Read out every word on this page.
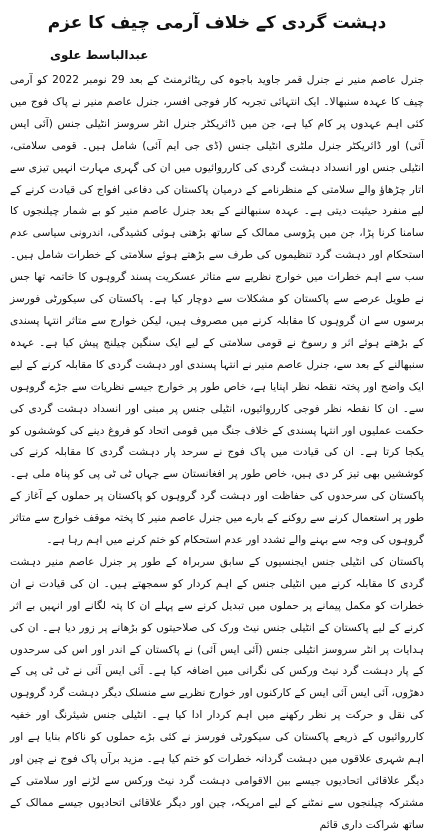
دہشت گردی کے خلاف آرمی چیف کا عزم
عبدالباسط علوی

جنرل عاصم منیر نے جنرل قمر جاوید باجوہ کی ریٹائرمنٹ کے بعد 29 نومبر 2022 کو آرمی چیف کا عہدہ سنبھالا۔ ایک انتہائی تجربہ کار فوجی افسر، جنرل عاصم منیر نے پاک فوج میں کئی اہم عہدوں پر کام کیا ہے، جن میں ڈائریکٹر جنرل انٹر سروسز انٹیلی جنس (آئی ایس آئی) اور ڈائریکٹر جنرل ملٹری انٹیلی جنس (ڈی جی ایم آئی) شامل ہیں۔ قومی سلامتی، انٹیلی جنس اور انسداد دہشت گردی کی کارروائیوں میں ان کی گہری مہارت انہیں تیزی سے اتار چڑھاؤ والے سلامتی کے منظرنامے کے درمیان پاکستان کی دفاعی افواج کی قیادت کرنے کے لیے منفرد حیثیت دیتی ہے۔ عہدہ سنبھالنے کے بعد جنرل عاصم منیر کو بے شمار چیلنجوں کا سامنا کرنا پڑا، جن میں پڑوسی ممالک کے ساتھ بڑھتی ہوئی کشیدگی، اندرونی سیاسی عدم استحکام اور دہشت گرد تنظیموں کی طرف سے بڑھتے ہوئے سلامتی کے خطرات شامل ہیں۔ سب سے اہم خطرات میں خوارج نظریے سے متاثر عسکریت پسند گروہوں کا خاتمہ تھا جس نے طویل عرصے سے پاکستان کو مشکلات سے دوچار کیا ہے۔ پاکستان کی سیکورٹی فورسز برسوں سے ان گروہوں کا مقابلہ کرنے میں مصروف ہیں، لیکن خوارج سے متاثر انتہا پسندی کے بڑھتے ہوئے اثر و رسوخ نے قومی سلامتی کے لیے ایک سنگین چیلنج پیش کیا ہے۔ عہدہ سنبھالنے کے بعد سے، جنرل عاصم منیر نے انتہا پسندی اور دہشت گردی کا مقابلہ کرنے کے لیے ایک واضح اور پختہ نقطہ نظر اپنایا ہے، خاص طور پر خوارج جیسے نظریات سے جڑے گروہوں سے۔ ان کا نقطہ نظر فوجی کارروائیوں، انٹیلی جنس پر مبنی اور انسداد دہشت گردی کی حکمت عملیوں اور انتہا پسندی کے خلاف جنگ میں قومی اتحاد کو فروغ دینے کی کوششوں کو یکجا کرتا ہے۔ ان کی قیادت میں پاک فوج نے سرحد پار دہشت گردی کا مقابلہ کرنے کی کوششیں بھی تیز کر دی ہیں، خاص طور پر افغانستان سے جہاں ٹی ٹی پی کو پناہ ملی ہے۔ پاکستان کی سرحدوں کی حفاظت اور دہشت گرد گروہوں کو پاکستان پر حملوں کے آغاز کے طور پر استعمال کرنے سے روکنے کے بارے میں جنرل عاصم منیر کا پختہ موقف خوارج سے متاثر گروہوں کی وجہ سے بہنے والے تشدد اور عدم استحکام کو ختم کرنے میں اہم رہا ہے۔

پاکستان کی انٹیلی جنس ایجنسیوں کے سابق سربراہ کے طور پر جنرل عاصم منیر دہشت گردی کا مقابلہ کرنے میں انٹیلی جنس کے اہم کردار کو سمجھتے ہیں۔ ان کی قیادت نے ان خطرات کو مکمل پیمانے پر حملوں میں تبدیل کرنے سے پہلے ان کا پتہ لگانے اور انہیں بے اثر کرنے کے لیے پاکستان کے انٹیلی جنس نیٹ ورک کی صلاحیتوں کو بڑھانے پر زور دیا ہے۔ ان کی ہدایات پر انٹر سروسز انٹیلی جنس (آئی ایس آئی) نے پاکستان کے اندر اور اس کی سرحدوں کے پار دہشت گرد نیٹ ورکس کی نگرانی میں اضافہ کیا ہے۔ آئی ایس آئی نے ٹی ٹی پی کے دھڑوں، آئی ایس آئی ایس کے کارکنوں اور خوارج نظریے سے منسلک دیگر دہشت گرد گروہوں کی نقل و حرکت پر نظر رکھنے میں اہم کردار ادا کیا ہے۔ انٹیلی جنس شیئرنگ اور خفیہ کارروائیوں کے ذریعے پاکستان کی سیکورٹی فورسز نے کئی بڑے حملوں کو ناکام بنایا ہے اور اہم شہری علاقوں میں دہشت گردانہ خطرات کو ختم کیا ہے۔ مزید برآں پاک فوج نے چین اور دیگر علاقائی اتحادیوں جیسے بین الاقوامی دہشت گرد نیٹ ورکس سے لڑنے اور سلامتی کے مشترکہ چیلنجوں سے نمٹنے کے لیے امریکہ، چین اور دیگر علاقائی اتحادیوں جیسے ممالک کے ساتھ شراکت داری قائم
